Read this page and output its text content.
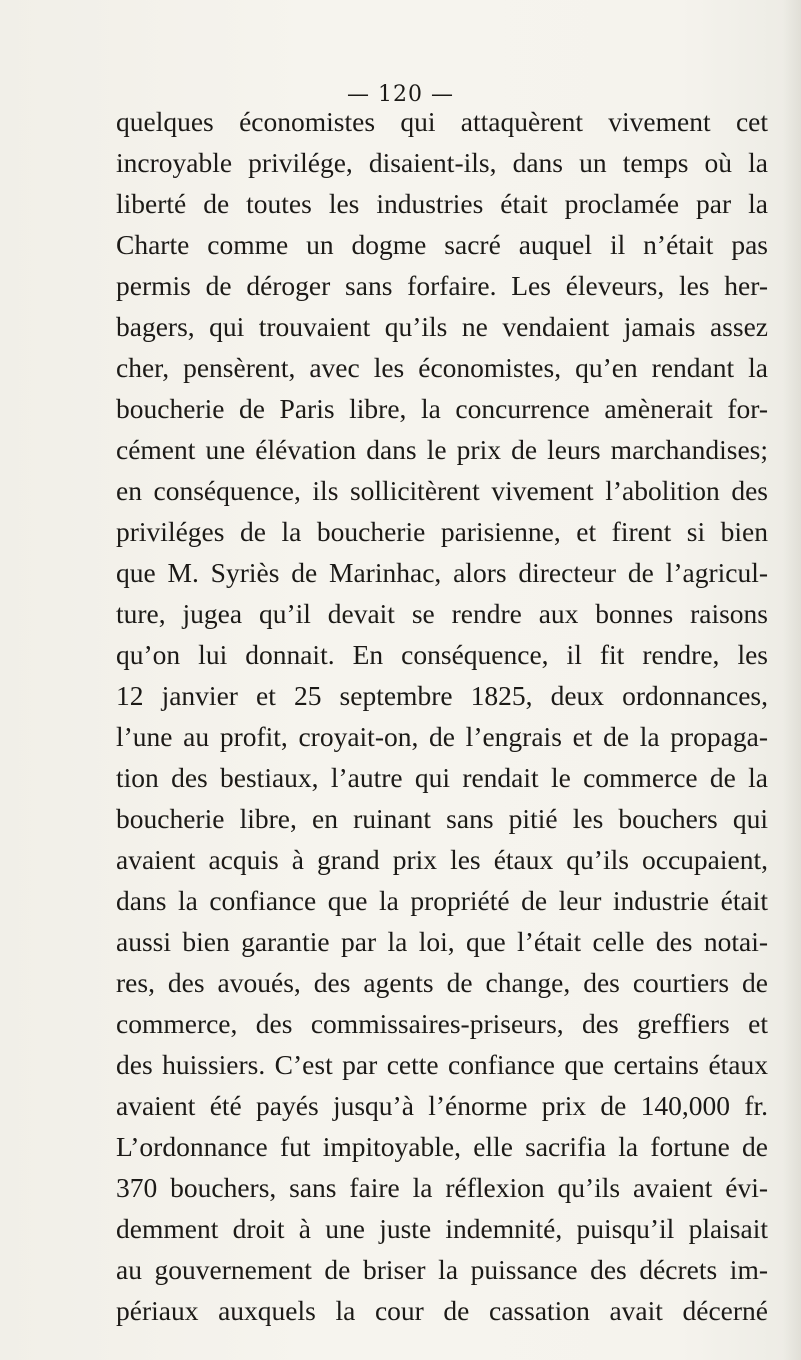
— 120 —
quelques économistes qui attaquèrent vivement cet
incroyable privilége, disaient-ils, dans un temps où la
liberté de toutes les industries était proclamée par la
Charte comme un dogme sacré auquel il n’était pas
permis de déroger sans forfaire. Les éleveurs, les her-
bagers, qui trouvaient qu’ils ne vendaient jamais assez
cher, pensèrent, avec les économistes, qu’en rendant la
boucherie de Paris libre, la concurrence amènerait for-
cément une élévation dans le prix de leurs marchandises;
en conséquence, ils sollicitèrent vivement l’abolition des
priviléges de la boucherie parisienne, et firent si bien
que M. Syriès de Marinhac, alors directeur de l’agricul-
ture, jugea qu’il devait se rendre aux bonnes raisons
qu’on lui donnait. En conséquence, il fit rendre, les
12 janvier et 25 septembre 1825, deux ordonnances,
l’une au profit, croyait-on, de l’engrais et de la propaga-
tion des bestiaux, l’autre qui rendait le commerce de la
boucherie libre, en ruinant sans pitié les bouchers qui
avaient acquis à grand prix les étaux qu’ils occupaient,
dans la confiance que la propriété de leur industrie était
aussi bien garantie par la loi, que l’était celle des notai-
res, des avoués, des agents de change, des courtiers de
commerce, des commissaires-priseurs, des greffiers et
des huissiers. C’est par cette confiance que certains étaux
avaient été payés jusqu’à l’énorme prix de 140,000 fr.
L’ordonnance fut impitoyable, elle sacrifia la fortune de
370 bouchers, sans faire la réflexion qu’ils avaient évi-
demment droit à une juste indemnité, puisqu’il plaisait
au gouvernement de briser la puissance des décrets im-
périaux auxquels la cour de cassation avait décerné
